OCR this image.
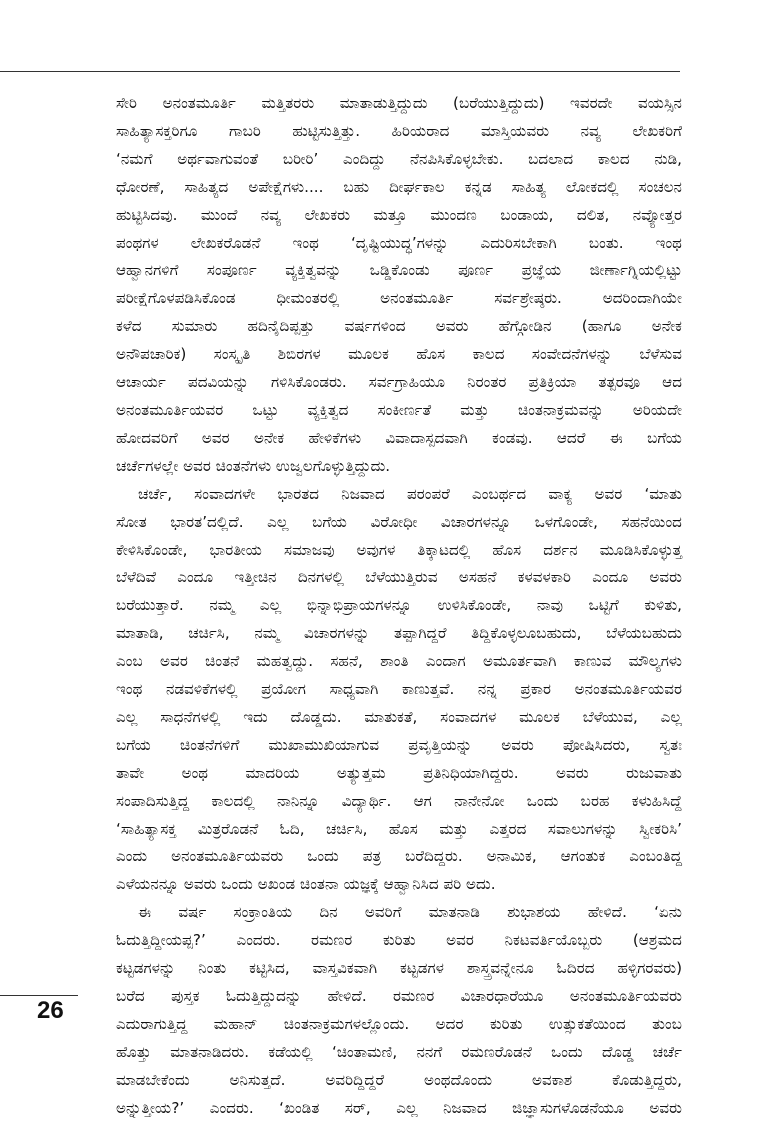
ಸೇರಿ ಅನಂತಮೂರ್ತಿ ಮತ್ತಿತರರು ಮಾತಾಡುತ್ತಿದ್ದುದು (ಬರೆಯುತ್ತಿದ್ದುದು) ಇವರದೇ ವಯಸ್ಸಿನ

ಸಾಹಿತ್ಯಾಸಕ್ತರಿಗೂ ಗಾಬರಿ ಹುಟ್ಟಿಸುತ್ತಿತ್ತು. ಹಿರಿಯರಾದ ಮಾಸ್ತಿಯವರು ನವ್ಯ ಲೇಖಕರಿಗೆ

‘ನಮಗೆ ಅರ್ಥವಾಗುವಂತೆ ಬರೀರಿ’ ಎಂದಿದ್ದು ನೆನಪಿಸಿಕೊಳ್ಳಬೇಕು. ಬದಲಾದ ಕಾಲದ ನುಡಿ,

ಧೋರಣೆ, ಸಾಹಿತ್ಯದ ಅಪೇಕ್ಷೆಗಳು.... ಬಹು ದೀರ್ಘಕಾಲ ಕನ್ನಡ ಸಾಹಿತ್ಯ ಲೋಕದಲ್ಲಿ ಸಂಚಲನ

ಹುಟ್ಟಿಸಿದವು. ಮುಂದೆ ನವ್ಯ ಲೇಖಕರು ಮತ್ತೂ ಮುಂದಣ ಬಂಡಾಯ, ದಲಿತ, ನವ್ಯೋತ್ತರ

ಪಂಥಗಳ ಲೇಖಕರೊಡನೆ ಇಂಥ ‘ದೃಷ್ಟಿಯುದ್ಧ’ಗಳನ್ನು ಎದುರಿಸಬೇಕಾಗಿ ಬಂತು. ಇಂಥ

ಆಹ್ವಾನಗಳಿಗೆ ಸಂಪೂರ್ಣ ವ್ಯಕ್ತಿತ್ವವನ್ನು ಒಡ್ಡಿಕೊಂಡು ಪೂರ್ಣ ಪ್ರಜ್ಞೆಯ ಜೀರ್ಣಾಗ್ನಿಯಲ್ಲಿಟ್ಟು

ಪರೀಕ್ಷೆಗೊಳಪಡಿಸಿಕೊಂಡ ಧೀಮಂತರಲ್ಲಿ ಅನಂತಮೂರ್ತಿ ಸರ್ವಶ್ರೇಷ್ಠರು. ಅದರಿಂದಾಗಿಯೇ

ಕಳೆದ ಸುಮಾರು ಹದಿನೈದಿಪ್ಪತ್ತು ವರ್ಷಗಳಿಂದ ಅವರು ಹೆಗ್ಗೋಡಿನ (ಹಾಗೂ ಅನೇಕ

ಅನೌಪಚಾರಿಕ) ಸಂಸ್ಕೃತಿ ಶಿಬಿರಗಳ ಮೂಲಕ ಹೊಸ ಕಾಲದ ಸಂವೇದನೆಗಳನ್ನು ಬೆಳೆಸುವ

ಆಚಾರ್ಯ ಪದವಿಯನ್ನು ಗಳಿಸಿಕೊಂಡರು. ಸರ್ವಗ್ರಾಹಿಯೂ ನಿರಂತರ ಪ್ರತಿಕ್ರಿಯಾ ತತ್ಪರವೂ ಆದ

ಅನಂತಮೂರ್ತಿಯವರ ಒಟ್ಟು ವ್ಯಕ್ತಿತ್ವದ ಸಂಕೀರ್ಣತೆ ಮತ್ತು ಚಿಂತನಾಕ್ರಮವನ್ನು ಅರಿಯದೇ

ಹೋದವರಿಗೆ ಅವರ ಅನೇಕ ಹೇಳಿಕೆಗಳು ವಿವಾದಾಸ್ಪದವಾಗಿ ಕಂಡವು. ಆದರೆ ಈ ಬಗೆಯ

ಚರ್ಚೆಗಳಲ್ಲೇ ಅವರ ಚಿಂತನೆಗಳು ಉಜ್ವಲಗೊಳ್ಳುತ್ತಿದ್ದುದು.

ಚರ್ಚೆ, ಸಂವಾದಗಳೇ ಭಾರತದ ನಿಜವಾದ ಪರಂಪರೆ ಎಂಬರ್ಥದ ವಾಕ್ಯ ಅವರ ‘ಮಾತು

ಸೋತ ಭಾರತ’ದಲ್ಲಿದೆ. ಎಲ್ಲ ಬಗೆಯ ವಿರೋಧೀ ವಿಚಾರಗಳನ್ನೂ ಒಳಗೊಂಡೇ, ಸಹನೆಯಿಂದ

ಕೇಳಿಸಿಕೊಂಡೇ, ಭಾರತೀಯ ಸಮಾಜವು ಅವುಗಳ ತಿಕ್ಕಾಟದಲ್ಲಿ ಹೊಸ ದರ್ಶನ ಮೂಡಿಸಿಕೊಳ್ಳುತ್ತ

ಬೆಳೆದಿವೆ ಎಂದೂ ಇತ್ತೀಚಿನ ದಿನಗಳಲ್ಲಿ ಬೆಳೆಯುತ್ತಿರುವ ಅಸಹನೆ ಕಳವಳಕಾರಿ ಎಂದೂ ಅವರು

ಬರೆಯುತ್ತಾರೆ. ನಮ್ಮ ಎಲ್ಲ ಭಿನ್ನಾಭಿಪ್ರಾಯಗಳನ್ನೂ ಉಳಿಸಿಕೊಂಡೇ, ನಾವು ಒಟ್ಟಿಗೆ ಕುಳಿತು,

ಮಾತಾಡಿ, ಚರ್ಚಿಸಿ, ನಮ್ಮ ವಿಚಾರಗಳನ್ನು ತಪ್ಪಾಗಿದ್ದರೆ ತಿದ್ದಿಕೊಳ್ಳಲೂಬಹುದು, ಬೆಳೆಯಬಹುದು

ಎಂಬ ಅವರ ಚಿಂತನೆ ಮಹತ್ವದ್ದು. ಸಹನೆ, ಶಾಂತಿ ಎಂದಾಗ ಅಮೂರ್ತವಾಗಿ ಕಾಣುವ ಮೌಲ್ಯಗಳು

ಇಂಥ ನಡವಳಿಕೆಗಳಲ್ಲಿ ಪ್ರಯೋಗ ಸಾಧ್ಯವಾಗಿ ಕಾಣುತ್ತವೆ. ನನ್ನ ಪ್ರಕಾರ ಅನಂತಮೂರ್ತಿಯವರ

ಎಲ್ಲ ಸಾಧನೆಗಳಲ್ಲಿ ಇದು ದೊಡ್ಡದು. ಮಾತುಕತೆ, ಸಂವಾದಗಳ ಮೂಲಕ ಬೆಳೆಯುವ, ಎಲ್ಲ

ಬಗೆಯ ಚಿಂತನೆಗಳಿಗೆ ಮುಖಾಮುಖಿಯಾಗುವ ಪ್ರವೃತ್ತಿಯನ್ನು ಅವರು ಪೋಷಿಸಿದರು, ಸ್ವತಃ

ತಾವೇ ಅಂಥ ಮಾದರಿಯ ಅತ್ಯುತ್ತಮ ಪ್ರತಿನಿಧಿಯಾಗಿದ್ದರು. ಅವರು ರುಜುವಾತು

ಸಂಪಾದಿಸುತ್ತಿದ್ದ ಕಾಲದಲ್ಲಿ ನಾನಿನ್ನೂ ವಿದ್ಯಾರ್ಥಿ. ಆಗ ನಾನೇನೋ ಒಂದು ಬರಹ ಕಳುಹಿಸಿದ್ದೆ

‘ಸಾಹಿತ್ಯಾಸಕ್ತ ಮಿತ್ರರೊಡನೆ ಓದಿ, ಚರ್ಚಿಸಿ, ಹೊಸ ಮತ್ತು ಎತ್ತರದ ಸವಾಲುಗಳನ್ನು ಸ್ವೀಕರಿಸಿ’

ಎಂದು ಅನಂತಮೂರ್ತಿಯವರು ಒಂದು ಪತ್ರ ಬರೆದಿದ್ದರು. ಅನಾಮಿಕ, ಆಗಂತುಕ ಎಂಬಂತಿದ್ದ

ಎಳೆಯನನ್ನೂ ಅವರು ಒಂದು ಅಖಂಡ ಚಿಂತನಾ ಯಜ್ಞಕ್ಕೆ ಆಹ್ವಾನಿಸಿದ ಪರಿ ಅದು.

ಈ ವರ್ಷ ಸಂಕ್ರಾಂತಿಯ ದಿನ ಅವರಿಗೆ ಮಾತನಾಡಿ ಶುಭಾಶಯ ಹೇಳಿದೆ. ‘ಏನು

ಓದುತ್ತಿದ್ದೀಯಪ್ಪ?’ ಎಂದರು. ರಮಣರ ಕುರಿತು ಅವರ ನಿಕಟವರ್ತಿಯೊಬ್ಬರು (ಆಶ್ರಮದ

ಕಟ್ಟಡಗಳನ್ನು ನಿಂತು ಕಟ್ಟಿಸಿದ, ವಾಸ್ತವಿಕವಾಗಿ ಕಟ್ಟಡಗಳ ಶಾಸ್ತ್ರವನ್ನೇನೂ ಓದಿರದ ಹಳ್ಳಿಗರವರು)

ಬರೆದ ಪುಸ್ತಕ ಓದುತ್ತಿದ್ದುದನ್ನು ಹೇಳಿದೆ. ರಮಣರ ವಿಚಾರಧಾರೆಯೂ ಅನಂತಮೂರ್ತಿಯವರು

ಎದುರಾಗುತ್ತಿದ್ದ ಮಹಾನ್ ಚಿಂತನಾಕ್ರಮಗಳಲ್ಲೊಂದು. ಅದರ ಕುರಿತು ಉತ್ಸುಕತೆಯಿಂದ ತುಂಬ

ಹೊತ್ತು ಮಾತನಾಡಿದರು. ಕಡೆಯಲ್ಲಿ ‘ಚಿಂತಾಮಣಿ, ನನಗೆ ರಮಣರೊಡನೆ ಒಂದು ದೊಡ್ಡ ಚರ್ಚೆ

ಮಾಡಬೇಕೆಂದು ಅನಿಸುತ್ತದೆ. ಅವರಿದ್ದಿದ್ದರೆ ಅಂಥದೊಂದು ಅವಕಾಶ ಕೊಡುತ್ತಿದ್ದರು,

ಅನ್ನುತ್ತೀಯ?’ ಎಂದರು. ‘ಖಂಡಿತ ಸರ್, ಎಲ್ಲ ನಿಜವಾದ ಜಿಜ್ಞಾಸುಗಳೊಡನೆಯೂ ಅವರು

26
